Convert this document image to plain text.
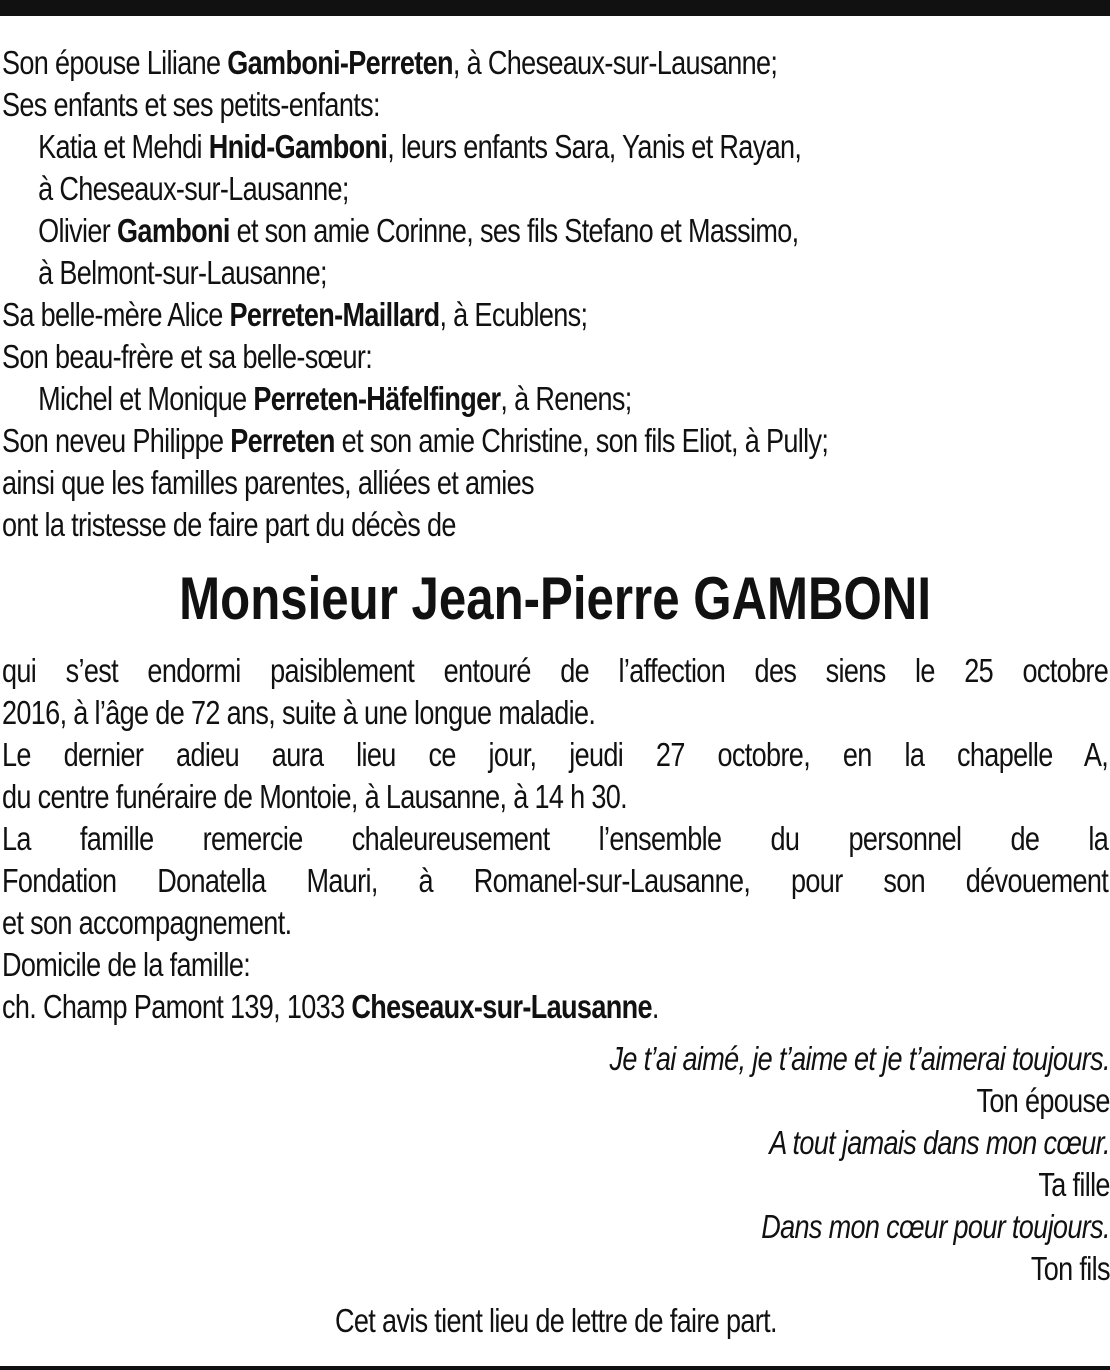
Son épouse Liliane Gamboni-Perreten, à Cheseaux-sur-Lausanne;

Ses enfants et ses petits-enfants:

Katia et Mehdi Hnid-Gamboni, leurs enfants Sara, Yanis et Rayan,

à Cheseaux-sur-Lausanne;

Olivier Gamboni et son amie Corinne, ses fils Stefano et Massimo,

à Belmont-sur-Lausanne;

Sa belle-mère Alice Perreten-Maillard, à Ecublens;

Son beau-frère et sa belle-sœur:

Michel et Monique Perreten-Häfelfinger, à Renens;

Son neveu Philippe Perreten et son amie Christine, son fils Eliot, à Pully;

ainsi que les familles parentes, alliées et amies

ont la tristesse de faire part du décès de

Monsieur Jean-Pierre GAMBONI

qui s’est endormi paisiblement entouré de l’affection des siens le 25 octobre

2016, à l’âge de 72 ans, suite à une longue maladie.

Le dernier adieu aura lieu ce jour, jeudi 27 octobre, en la chapelle A,

du centre funéraire de Montoie, à Lausanne, à 14 h 30.

La famille remercie chaleureusement l’ensemble du personnel de la

Fondation Donatella Mauri, à Romanel-sur-Lausanne, pour son dévouement

et son accompagnement.

Domicile de la famille:

ch. Champ Pamont 139, 1033 Cheseaux-sur-Lausanne.

Je t’ai aimé, je t’aime et je t’aimerai toujours.

Ton épouse

A tout jamais dans mon cœur.

Ta fille

Dans mon cœur pour toujours.

Ton fils

Cet avis tient lieu de lettre de faire part.
